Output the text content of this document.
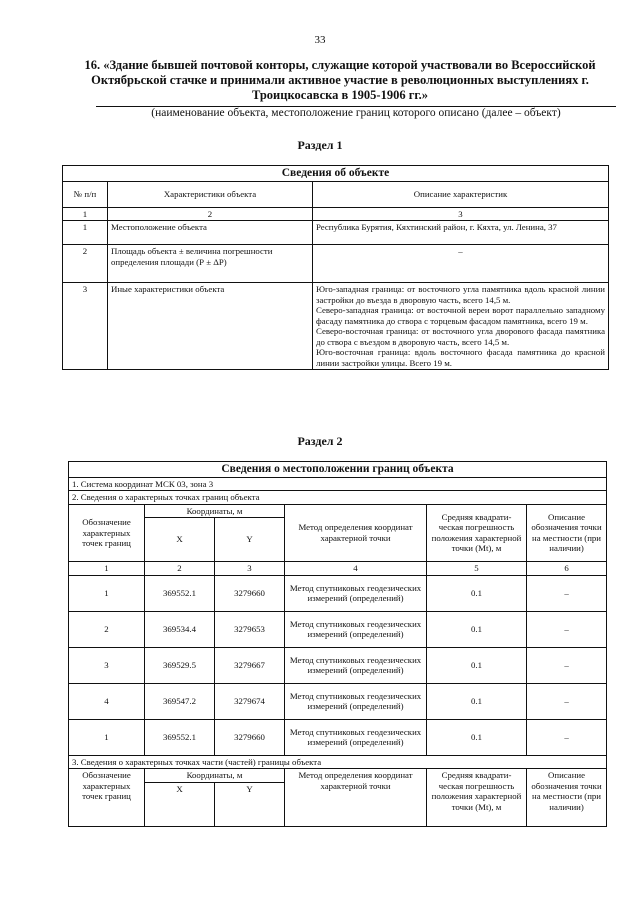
33
16. «Здание бывшей почтовой конторы, служащие которой участвовали во Всероссийской Октябрьской стачке и принимали активное участие в революционных выступлениях г. Троицкосавска в 1905-1906 гг.»
(наименование объекта, местоположение границ которого описано (далее – объект)
Раздел 1
Сведения об объекте		
№ п/п	Характеристики объекта	Описание характеристик
1	2	3
1	Местоположение объекта	Республика Бурятия, Кяхтинский район, г. Кяхта, ул. Ленина, 37
2	Площадь объекта ± величина погрешности определения площади (Р ± ΔР)	–
3	Иные характеристики объекта	Юго-западная граница: от восточного угла памятника вдоль красной линии застройки до въезда в дворовую часть, всего 14,5 м.

Северо-западная граница: от восточной вереи ворот параллельно западному фасаду памятника до створа с торцевым фасадом памятника, всего 19 м.

Северо-восточная граница: от восточного угла дворового фасада памятника до створа с въездом в дворовую часть, всего 14,5 м.

Юго-восточная граница: вдоль восточного фасада памятника до красной линии застройки улицы. Всего 19 м.

Раздел 2
Сведения о местоположении границ объекта					
1. Система координат МСК 03, зона 3					
2. Сведения о характерных точках границ объекта					
Обозначение характерных точек границ	Координаты, м		Метод определения координат характерной точки	Средняя квадрати-ческая погрешность положения характерной точки (Мt), м	Описание обозначения точки на местности (при наличии)
	X	Y			
1	2	3	4	5	6
1	369552.1	3279660	Метод спутниковых геодезических измерений (определений)	0.1	–
2	369534.4	3279653	Метод спутниковых геодезических измерений (определений)	0.1	–
3	369529.5	3279667	Метод спутниковых геодезических измерений (определений)	0.1	–
4	369547.2	3279674	Метод спутниковых геодезических измерений (определений)	0.1	–
1	369552.1	3279660	Метод спутниковых геодезических измерений (определений)	0.1	–
3. Сведения о характерных точках части (частей) границы объекта					
Обозначение характерных точек границ	Координаты, м		Метод определения координат характерной точки	Средняя квадрати-ческая погрешность положения характерной точки (Мt), м	Описание обозначения точки на местности (при наличии)
	X	Y			
